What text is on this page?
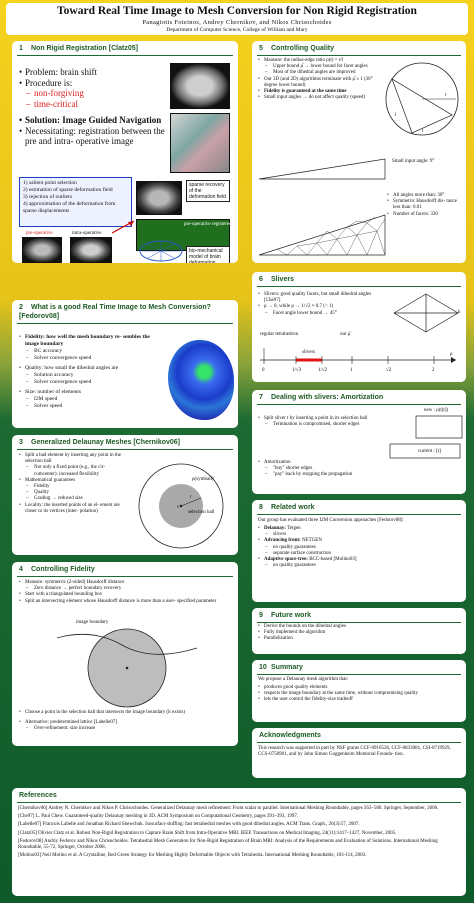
Toward Real Time Image to Mesh Conversion for Non Rigid Registration
Panagiotis Foteinos, Andrey Chernikov, and Nikos Chrisochoides
Department of Computer Science, College of William and Mary
1 Non Rigid Registration [Clatz05]
• Problem: brain shift
• Procedure is:
– non-forgiving
– time-critical
• Solution: Image Guided Navigation
• Necessitating: registration between the pre and intra- operative image
1) salient point selection
2) estimation of sparse deformation field
3) rejection of outliers
4) approximation of the deformation from sparse displacements
pre-operative	intra-operative
sparse recovery of the deformation field
pre-operative registered
bio-mechanical model of brain deformation
2 What is a good Real Time Image to Mesh Conversion? [Fedorov08]
• Fidelity: how well the mesh boundary re- sembles the image boundary
– BC accuracy
– Solver convergence speed
• Quality: how small the dihedral angles are
– Solution accuracy
– Solver convergence speed
• Size: number of elements
– I2M speed
– Solver speed
3 Generalized Delaunay Meshes [Chernikov06]
• Split a bad element by inserting any point in the selection ball
– Not only a fixed point (e.g., the cir- cumcenter): increased flexibility
• Mathematical guarantees
– Fidelity
– Quality
– Grading → reduced size
• Locality: the inserted points of an el- ement are closer to its vertices (inter- polation)	selection ball
ρ(symball)
c
r
4 Controlling Fidelity
• Measure: symmetric (2-sided) Hausdorff distance
– Zero distance → perfect boundary recovery
• Start with a triangulated bounding box
• Split an intersecting element whose Hausdorff distance is more than a user- specified parameter
image boundary
• Choose a point in the selection ball that intersects the image boundary (it exists)
• Alternative: predetermined lattice [Labelle07]
– Over-refinement: size increase
5 Controlling Quality
• Measure: the radius-edge ratio ρ(t) = r/l
– Upper bound ρ̄ → lower bound for facet angles
– Most of the dihedral angles are improved
• Our 3D (and 2D) algorithms terminate with ρ̄ ≥ 1 (30° degree lower bound)
• Fidelity is guaranteed at the same time
• Small input angles → do not affect quality (speed)	r
l
t
Small input angle: 9°
• All angles more than: 30°
• Symmetric Hausdorff dis- tance less than: 0.01
• Number of facets: 330
6 Slivers
• Slivers: good quality facets, but small dihedral angles [Che97]
• ρ → 0, while ρ → 1/√2 ≈ 0.7 (< 1)
– Facet angle lower bound → 45°	h
regular tetrahedron	our ρ̄
slivers
0	1/√3	1/√2	1	√2	2
ρ
7 Dealing with slivers: Amortization
• Split sliver t by inserting a point in its selection ball
– Termination is compromised, shorter edges
• Amortization
– "buy" shorter edges
– "pay" back by stopping the propagation
new : ρ(t[t])
current : [t]
8 Related work
Our group has evaluated three I2M Conversion approaches [Fedorov08]:
• Delaunay: Tetgen
– slivers
• Advancing front: NETGEN
– no quality guarantees
– separate surface construction
• Adaptive space-tree: BCC-based [Molino03]
– no quality guarantees
9 Future work
• Derive the bounds on the dihedral angles
• Fully implement the algorithm
• Parallelization
10 Summary
We propose a Delaunay mesh algorithm that:
• produces good quality elements
• respects the image boundary at the same time, without compromising quality
• lets the user control the fidelity-size tradeoff
Acknowledgments
This research was supported in part by NSF grants CCF-0916526, CCF-0833081, CSI-0719929, CCS-0750901, and by John Simon Guggenheim Memorial Founda- tion.
References
[Chernikov06] Andrey N. Chernikov and Nikos P. Chrisochoides. Generalized Delaunay mesh refinement: From scalar to parallel. International Meshing Roundtable, pages 563–580. Springer, September, 2006.
[Che97] L. Paul Chew. Guaranteed-quality Delaunay meshing in 3D. ACM Symposium on Computational Geometry, pages 391–393, 1997.
[Labelle07] Francois Labelle and Jonathan Richard Shewchuk. Isosurface stuffing: fast tetrahedral meshes with good dihedral angles. ACM Trans. Graph., 26(3):57, 2007.
[Clatz05] Olivier Clatz et al. Robust Non-Rigid Registration to Capture Brain Shift from Intra-Operative MRI. IEEE Transactions on Medical Imaging, 24(11):1417–1427, November, 2005.
[Fedorov08] Andriy Fedorov and Nikos Chrisochoides. Tetrahedral Mesh Generation for Non-Rigid Registration of Brain MRI: Analysis of the Requirements and Evaluation of Solutions. International Meshing Roundtable, 55-72, Springer, October 2008.
[Molino03] Neil Molino et al. A Crystalline, Red Green Strategy for Meshing Highly Deformable Objects with Tetrahedra. International Meshing Roundtable, 103-114, 2003.
